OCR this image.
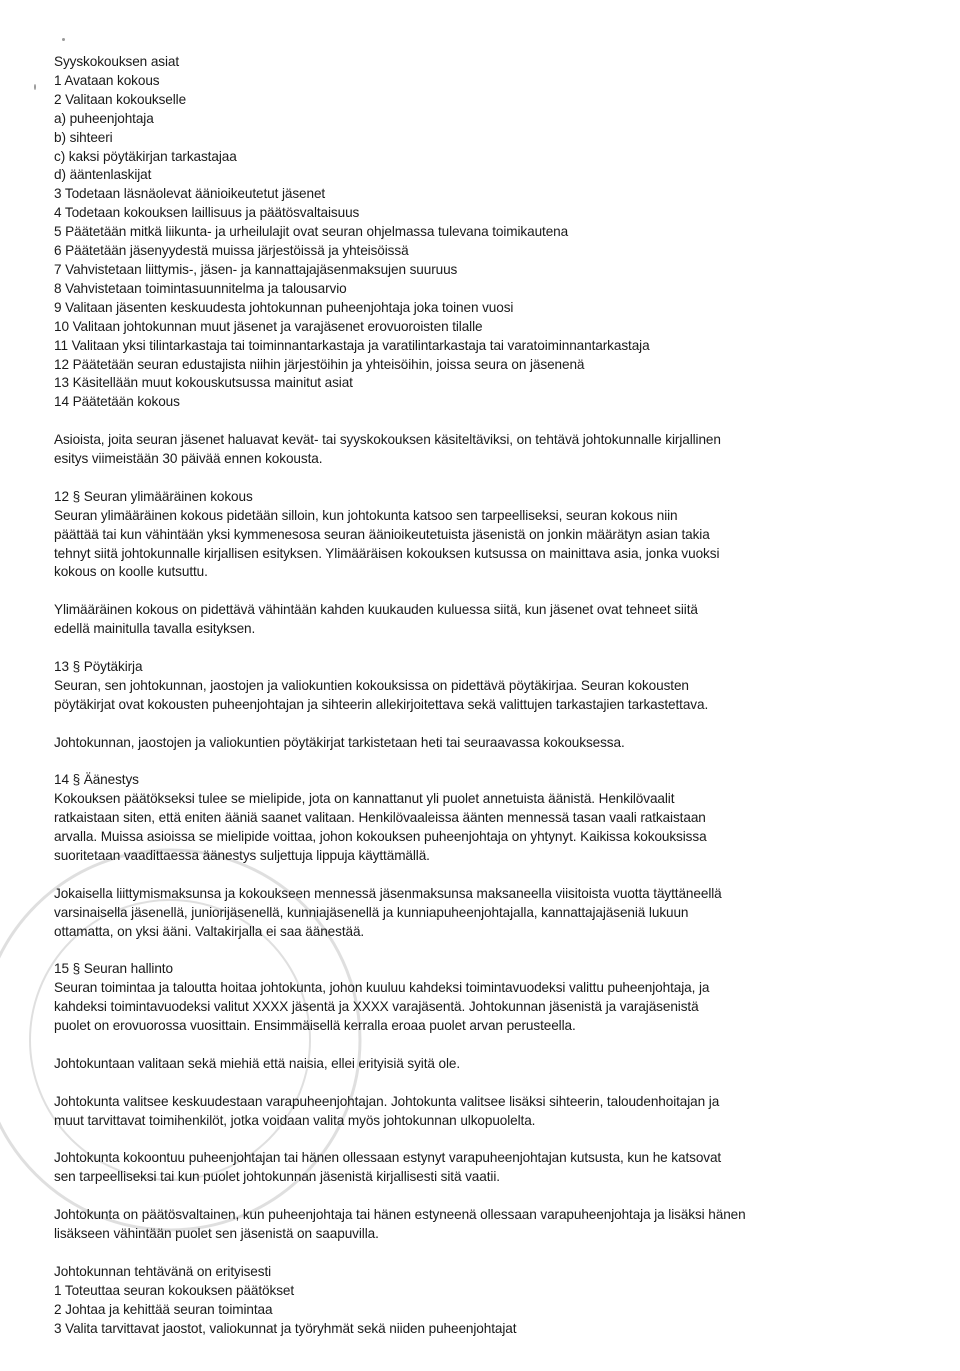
Syyskokouksen asiat
1 Avataan kokous
2 Valitaan kokoukselle
a) puheenjohtaja
b) sihteeri
c) kaksi pöytäkirjan tarkastajaa
d) ääntenlaskijat
3 Todetaan läsnäolevat äänioikeutetut jäsenet
4 Todetaan kokouksen laillisuus ja päätösvaltaisuus
5 Päätetään mitkä liikunta- ja urheilulajit ovat seuran ohjelmassa tulevana toimikautena
6 Päätetään jäsenyydestä muissa järjestöissä ja yhteisöissä
7 Vahvistetaan liittymis-, jäsen- ja kannattajajäsenmaksujen suuruus
8 Vahvistetaan toimintasuunnitelma ja talousarvio
9 Valitaan jäsenten keskuudesta johtokunnan puheenjohtaja joka toinen vuosi
10 Valitaan johtokunnan muut jäsenet ja varajäsenet erovuoroisten tilalle
11 Valitaan yksi tilintarkastaja tai toiminnantarkastaja ja varatilintarkastaja tai varatoiminnantarkastaja
12 Päätetään seuran edustajista niihin järjestöihin ja yhteisöihin, joissa seura on jäsenenä
13 Käsitellään muut kokouskutsussa mainitut asiat
14 Päätetään kokous
Asioista, joita seuran jäsenet haluavat kevät- tai syyskokouksen käsiteltäviksi, on tehtävä johtokunnalle kirjallinen
esitys viimeistään 30 päivää ennen kokousta.
12 § Seuran ylimääräinen kokous
Seuran ylimääräinen kokous pidetään silloin, kun johtokunta katsoo sen tarpeelliseksi, seuran kokous niin
päättää tai kun vähintään yksi kymmenesosa seuran äänioikeutetuista jäsenistä on jonkin määrätyn asian takia
tehnyt siitä johtokunnalle kirjallisen esityksen. Ylimääräisen kokouksen kutsussa on mainittava asia, jonka vuoksi
kokous on koolle kutsuttu.
Ylimääräinen kokous on pidettävä vähintään kahden kuukauden kuluessa siitä, kun jäsenet ovat tehneet siitä
edellä mainitulla tavalla esityksen.
13 § Pöytäkirja
Seuran, sen johtokunnan, jaostojen ja valiokuntien kokouksissa on pidettävä pöytäkirjaa. Seuran kokousten
pöytäkirjat ovat kokousten puheenjohtajan ja sihteerin allekirjoitettava sekä valittujen tarkastajien tarkastettava.
Johtokunnan, jaostojen ja valiokuntien pöytäkirjat tarkistetaan heti tai seuraavassa kokouksessa.
14 § Äänestys
Kokouksen päätökseksi tulee se mielipide, jota on kannattanut yli puolet annetuista äänistä. Henkilövaalit
ratkaistaan siten, että eniten ääniä saanet valitaan. Henkilövaaleissa äänten mennessä tasan vaali ratkaistaan
arvalla. Muissa asioissa se mielipide voittaa, johon kokouksen puheenjohtaja on yhtynyt. Kaikissa kokouksissa
suoritetaan vaadittaessa äänestys suljettuja lippuja käyttämällä.
Jokaisella liittymismaksunsa ja kokoukseen mennessä jäsenmaksunsa maksaneella viisitoista vuotta täyttäneellä
varsinaisella jäsenellä, juniorijäsenellä, kunniajäsenellä ja kunniapuheenjohtajalla, kannattajajäseniä lukuun
ottamatta, on yksi ääni. Valtakirjalla ei saa äänestää.
15 § Seuran hallinto
Seuran toimintaa ja taloutta hoitaa johtokunta, johon kuuluu kahdeksi toimintavuodeksi valittu puheenjohtaja, ja
kahdeksi toimintavuodeksi valitut XXXX jäsentä ja XXXX varajäsentä. Johtokunnan jäsenistä ja varajäsenistä
puolet on erovuorossa vuosittain. Ensimmäisellä kerralla eroaa puolet arvan perusteella.
Johtokuntaan valitaan sekä miehiä että naisia, ellei erityisiä syitä ole.
Johtokunta valitsee keskuudestaan varapuheenjohtajan. Johtokunta valitsee lisäksi sihteerin, taloudenhoitajan ja
muut tarvittavat toimihenkilöt, jotka voidaan valita myös johtokunnan ulkopuolelta.
Johtokunta kokoontuu puheenjohtajan tai hänen ollessaan estynyt varapuheenjohtajan kutsusta, kun he katsovat
sen tarpeelliseksi tai kun puolet johtokunnan jäsenistä kirjallisesti sitä vaatii.
Johtokunta on päätösvaltainen, kun puheenjohtaja tai hänen estyneenä ollessaan varapuheenjohtaja ja lisäksi hänen
lisäkseen vähintään puolet sen jäsenistä on saapuvilla.
Johtokunnan tehtävänä on erityisesti
1 Toteuttaa seuran kokouksen päätökset
2 Johtaa ja kehittää seuran toimintaa
3 Valita tarvittavat jaostot, valiokunnat ja työryhmät sekä niiden puheenjohtajat
